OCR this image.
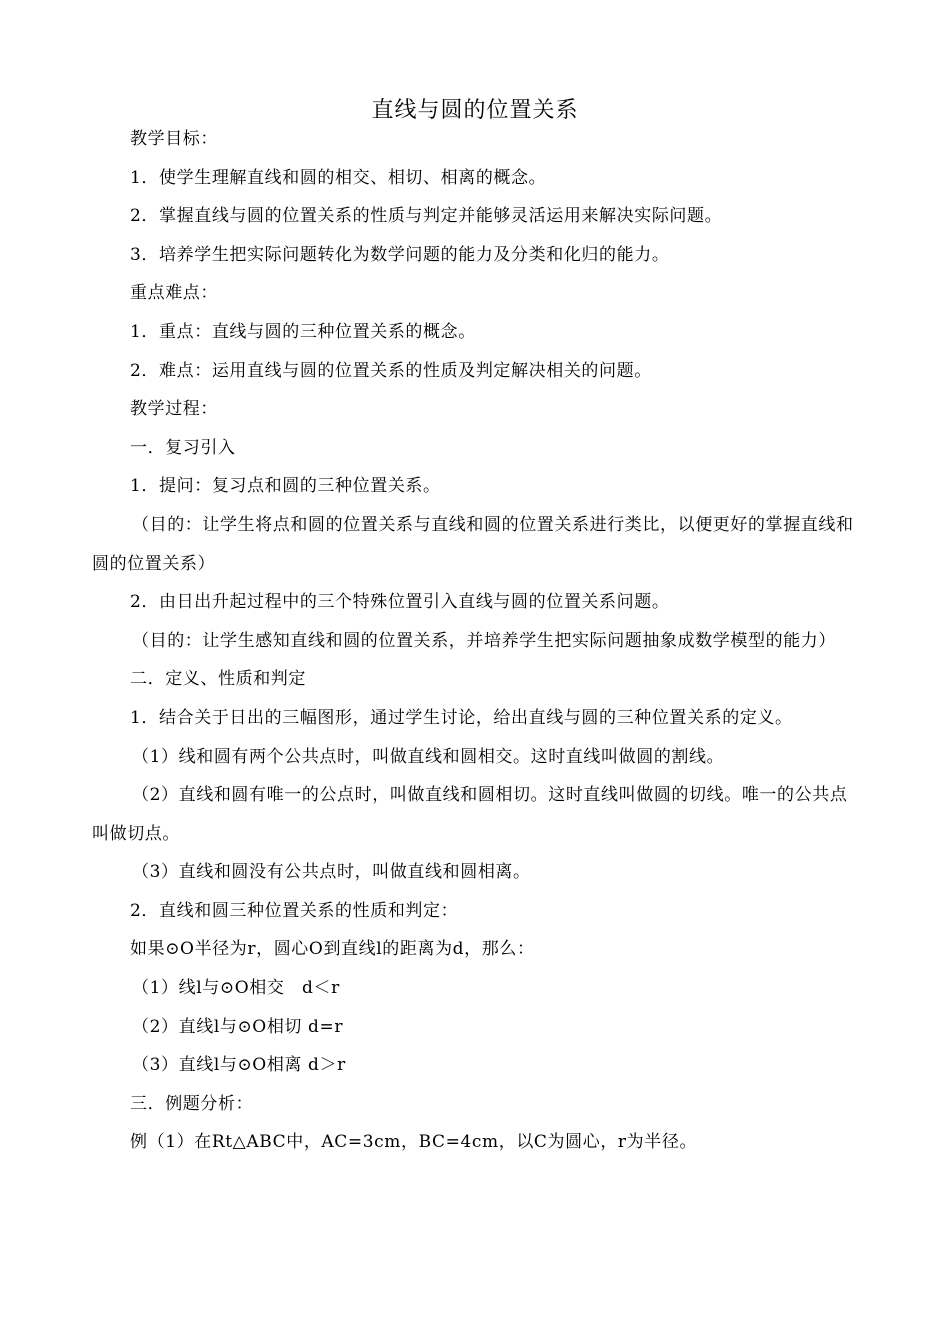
直线与圆的位置关系

教学目标：

1．使学生理解直线和圆的相交、相切、相离的概念。

2．掌握直线与圆的位置关系的性质与判定并能够灵活运用来解决实际问题。

3．培养学生把实际问题转化为数学问题的能力及分类和化归的能力。

重点难点：

1．重点：直线与圆的三种位置关系的概念。

2．难点：运用直线与圆的位置关系的性质及判定解决相关的问题。

教学过程：

一．复习引入

1．提问：复习点和圆的三种位置关系。

（目的：让学生将点和圆的位置关系与直线和圆的位置关系进行类比，以便更好的掌握直线和圆的位置关系）

2．由日出升起过程中的三个特殊位置引入直线与圆的位置关系问题。

（目的：让学生感知直线和圆的位置关系，并培养学生把实际问题抽象成数学模型的能力）

二．定义、性质和判定

1．结合关于日出的三幅图形，通过学生讨论，给出直线与圆的三种位置关系的定义。

（1）线和圆有两个公共点时，叫做直线和圆相交。这时直线叫做圆的割线。

（2）直线和圆有唯一的公点时，叫做直线和圆相切。这时直线叫做圆的切线。唯一的公共点叫做切点。

（3）直线和圆没有公共点时，叫做直线和圆相离。

2．直线和圆三种位置关系的性质和判定：

如果⊙O半径为r，圆心O到直线l的距离为d，那么：

（1）线l与⊙O相交　d＜r

（2）直线l与⊙O相切 d=r

（3）直线l与⊙O相离 d＞r

三．例题分析：

例（1）在Rt△ABC中，AC=3cm，BC=4cm，以C为圆心，r为半径。
